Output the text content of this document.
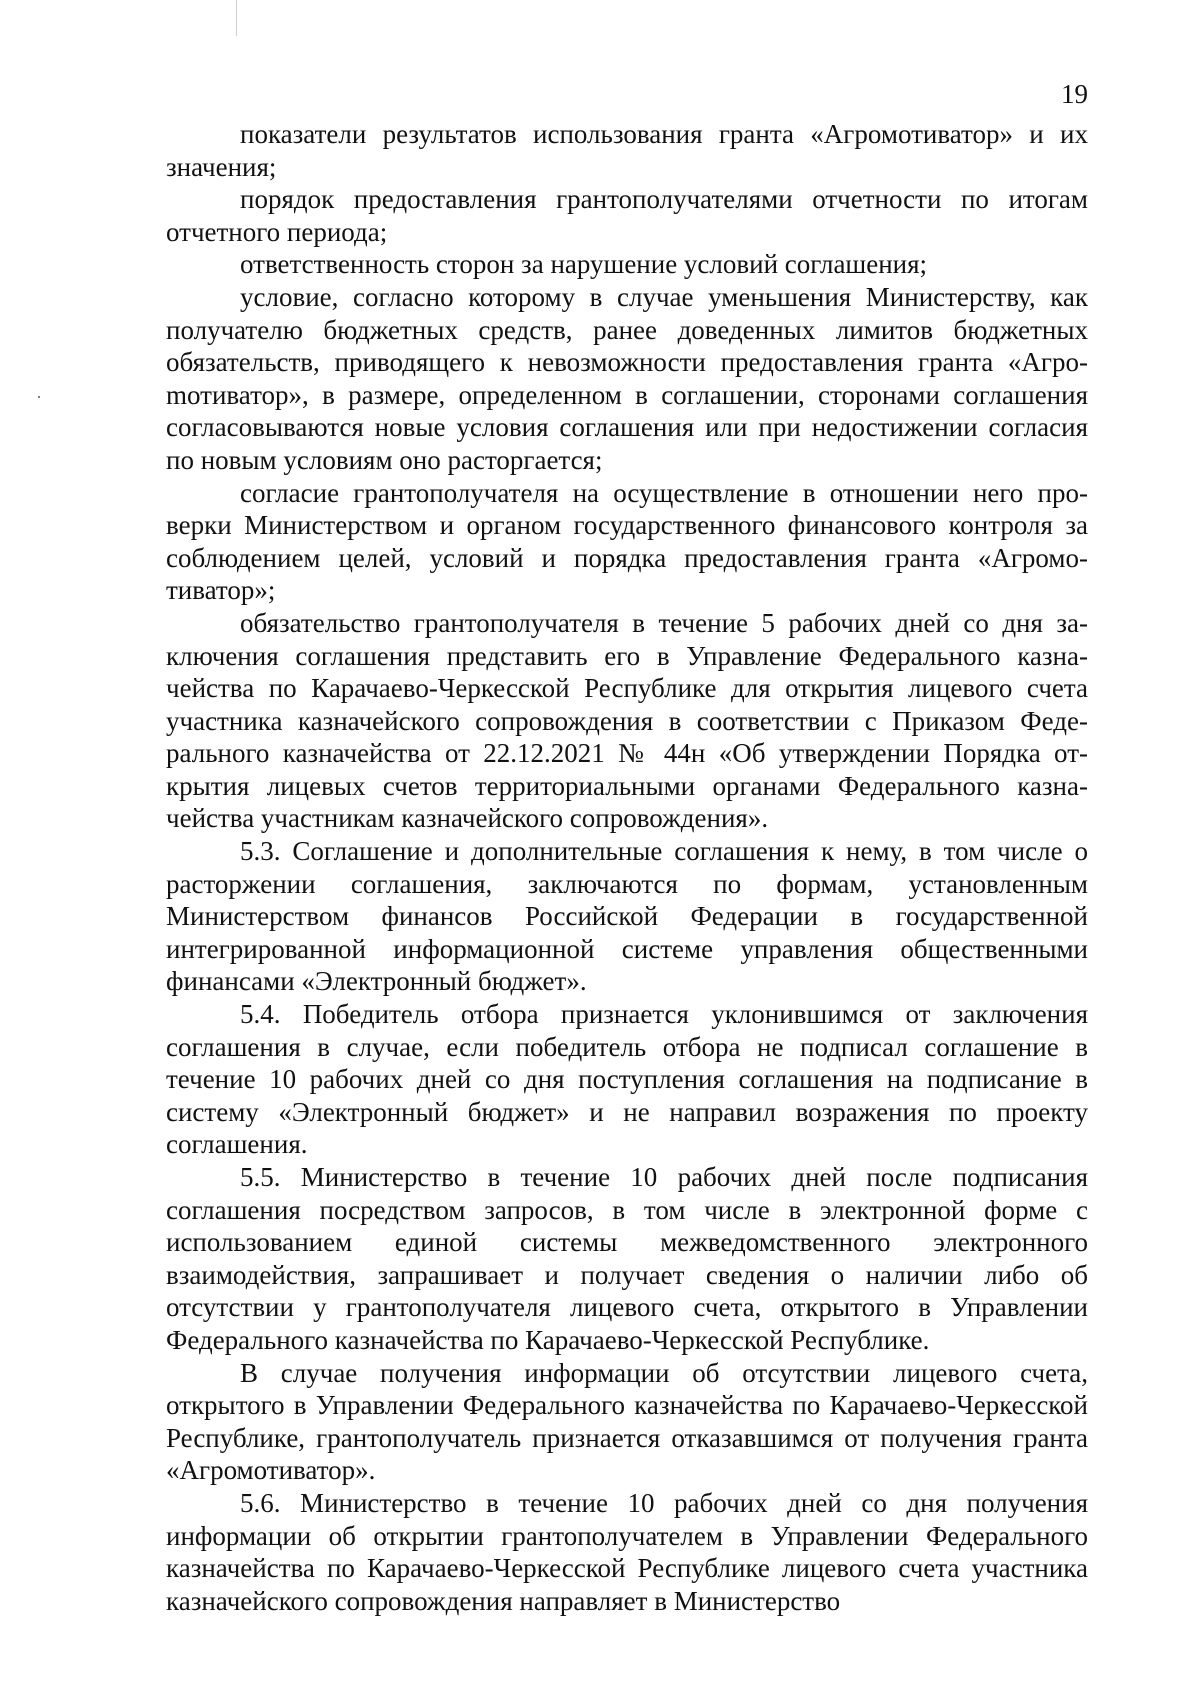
19

показатели результатов использования гранта «Агромотиватор» и их значения;

порядок предоставления грантополучателями отчетности по итогам отчетного периода;

ответственность сторон за нарушение условий соглашения;

условие, согласно которому в случае уменьшения Министерству, как получателю бюджетных средств, ранее доведенных лимитов бюджетных обязательств, приводящего к невозможности предоставления гранта «Агроmотиватор», в размере, определенном в соглашении, сторонами соглашения согласовываются новые условия соглашения или при недостижении согласия по новым условиям оно расторгается;

согласие грантополучателя на осуществление в отношении него проверки Министерством и органом государственного финансового контроля за соблюдением целей, условий и порядка предоставления гранта «Агромотиватор»;

обязательство грантополучателя в течение 5 рабочих дней со дня заключения соглашения представить его в Управление Федерального казначейства по Карачаево-Черкесской Республике для открытия лицевого счета участника казначейского сопровождения в соответствии с Приказом Федерального казначейства от 22.12.2021 № 44н «Об утверждении Порядка открытия лицевых счетов территориальными органами Федерального казначейства участникам казначейского сопровождения».

5.3. Соглашение и дополнительные соглашения к нему, в том числе о расторжении соглашения, заключаются по формам, установленным Министерством финансов Российской Федерации в государственной интегрированной информационной системе управления общественными финансами «Электронный бюджет».

5.4. Победитель отбора признается уклонившимся от заключения соглашения в случае, если победитель отбора не подписал соглашение в течение 10 рабочих дней со дня поступления соглашения на подписание в систему «Электронный бюджет» и не направил возражения по проекту соглашения.

5.5. Министерство в течение 10 рабочих дней после подписания соглашения посредством запросов, в том числе в электронной форме с использованием единой системы межведомственного электронного взаимодействия, запрашивает и получает сведения о наличии либо об отсутствии у грантополучателя лицевого счета, открытого в Управлении Федерального казначейства по Карачаево-Черкесской Республике.

В случае получения информации об отсутствии лицевого счета, открытого в Управлении Федерального казначейства по Карачаево-Черкесской Республике, грантополучатель признается отказавшимся от получения гранта «Агромотиватор».

5.6. Министерство в течение 10 рабочих дней со дня получения информации об открытии грантополучателем в Управлении Федерального казначейства по Карачаево-Черкесской Республике лицевого счета участника казначейского сопровождения направляет в Министерство
